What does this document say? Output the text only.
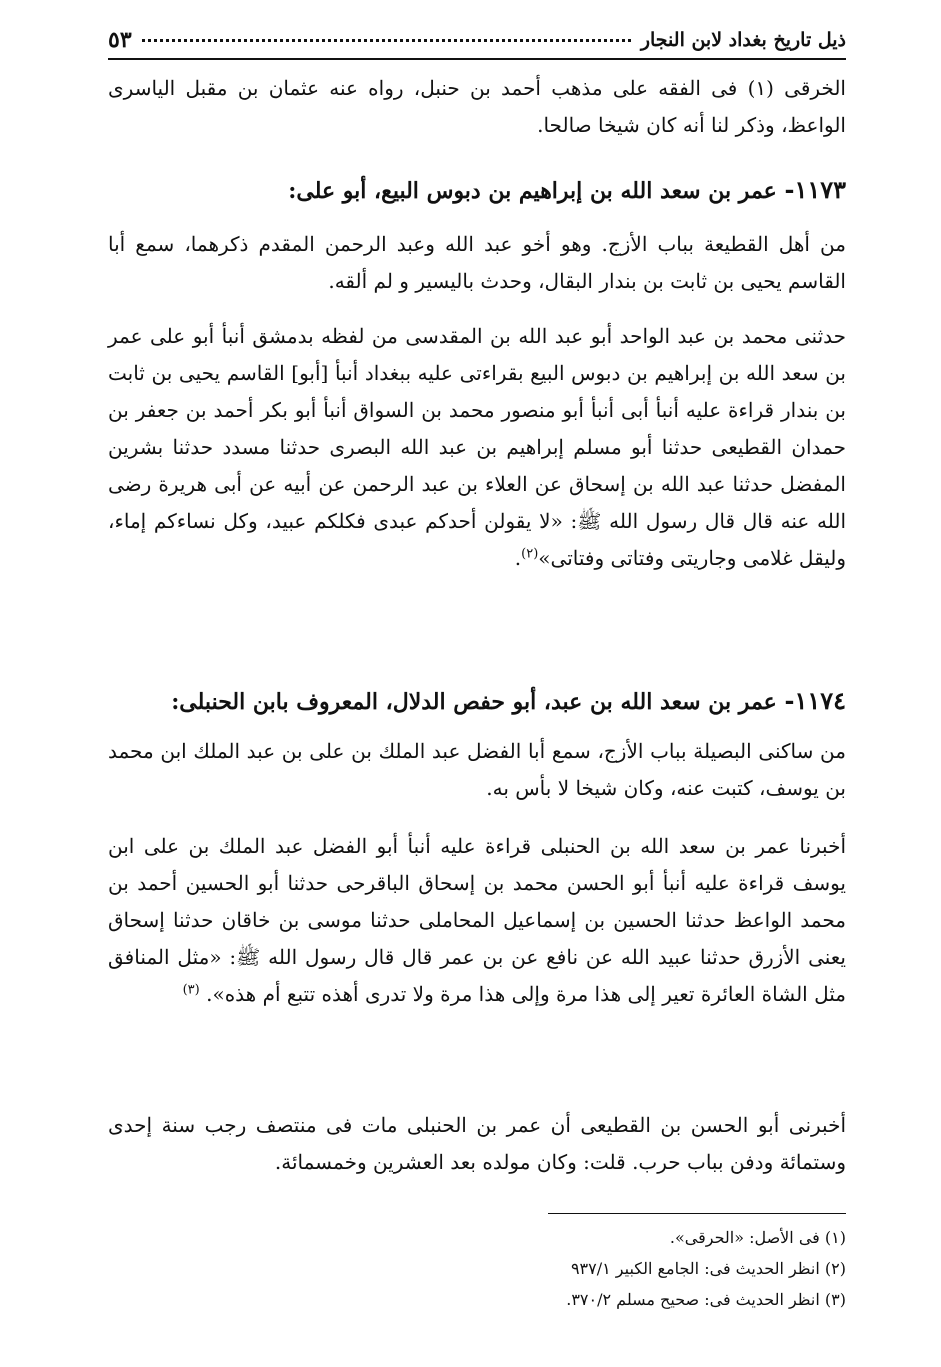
ذيل تاريخ بغداد لابن النجار
٥٣
الخرقى (١) فى الفقه على مذهب أحمد بن حنبل، رواه عنه عثمان بن مقبل الياسرى الواعظ، وذكر لنا أنه كان شيخا صالحا.
١١٧٣- عمر بن سعد الله بن إبراهيم بن دبوس البيع، أبو على:
من أهل القطيعة بباب الأزج. وهو أخو عبد الله وعبد الرحمن المقدم ذكرهما، سمع أبا القاسم يحيى بن ثابت بن بندار البقال، وحدث باليسير و لم ألقه.
حدثنى محمد بن عبد الواحد أبو عبد الله بن المقدسى من لفظه بدمشق أنبأ أبو على عمر بن سعد الله بن إبراهيم بن دبوس البيع بقراءتى عليه ببغداد أنبأ [أبو] القاسم يحيى بن ثابت بن بندار قراءة عليه أنبأ أبى أنبأ أبو منصور محمد بن السواق أنبأ أبو بكر أحمد بن جعفر بن حمدان القطيعى حدثنا أبو مسلم إبراهيم بن عبد الله البصرى حدثنا مسدد حدثنا بشرين المفضل حدثنا عبد الله بن إسحاق عن العلاء بن عبد الرحمن عن أبيه عن أبى هريرة رضى الله عنه قال قال رسول الله ﷺ: «لا يقولن أحدكم عبدى فكلكم عبيد، وكل نساءكم إماء، وليقل غلامى وجاريتى وفتاتى وفتاتى»$^{(٢)}$.
١١٧٤- عمر بن سعد الله بن عبد، أبو حفص الدلال، المعروف بابن الحنبلى:
من ساكنى البصيلة بباب الأزج، سمع أبا الفضل عبد الملك بن على بن عبد الملك ابن محمد بن يوسف، كتبت عنه، وكان شيخا لا بأس به.
أخبرنا عمر بن سعد الله بن الحنبلى قراءة عليه أنبأ أبو الفضل عبد الملك بن على ابن يوسف قراءة عليه أنبأ أبو الحسن محمد بن إسحاق الباقرحى حدثنا أبو الحسين أحمد بن محمد الواعظ حدثنا الحسين بن إسماعيل المحاملى حدثنا موسى بن خاقان حدثنا إسحاق يعنى الأزرق حدثنا عبيد الله عن نافع عن بن عمر قال قال رسول الله ﷺ: «مثل المنافق مثل الشاة العائرة تعير إلى هذا مرة وإلى هذا مرة ولا تدرى أهذه تتبع أم هذه». $^{(٣)}$
أخبرنى أبو الحسن بن القطيعى أن عمر بن الحنبلى مات فى منتصف رجب سنة إحدى وستمائة ودفن بباب حرب. قلت: وكان مولده بعد العشرين وخمسمائة.
(١) فى الأصل: «الحرقى».
(٢) انظر الحديث فى: الجامع الكبير ٩٣٧/١
(٣) انظر الحديث فى: صحيح مسلم ٣٧٠/٢.
